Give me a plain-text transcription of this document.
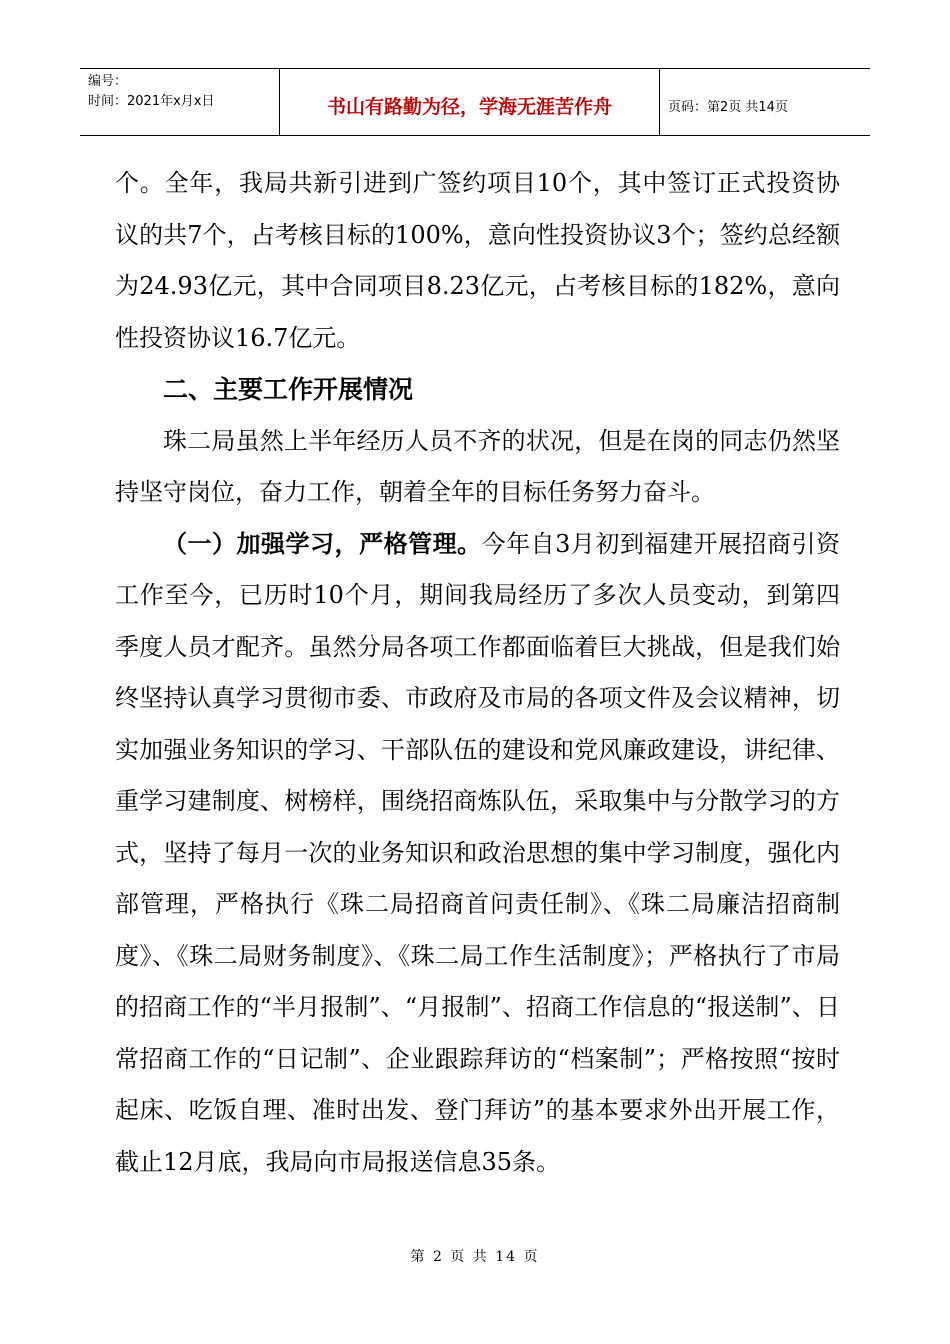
编号：
时间：2021年x月x日	书山有路勤为径，学海无涯苦作舟	页码：第2页 共14页

个。全年，我局共新引进到广签约项目10个，其中签订正式投资协议的共7个，占考核目标的100%，意向性投资协议3个；签约总经额为24.93亿元，其中合同项目8.23亿元，占考核目标的182%，意向性投资协议16.7亿元。

二、主要工作开展情况

珠二局虽然上半年经历人员不齐的状况，但是在岗的同志仍然坚持坚守岗位，奋力工作，朝着全年的目标任务努力奋斗。

（一）加强学习，严格管理。今年自3月初到福建开展招商引资工作至今，已历时10个月，期间我局经历了多次人员变动，到第四季度人员才配齐。虽然分局各项工作都面临着巨大挑战，但是我们始终坚持认真学习贯彻市委、市政府及市局的各项文件及会议精神，切实加强业务知识的学习、干部队伍的建设和党风廉政建设，讲纪律、重学习建制度、树榜样，围绕招商炼队伍，采取集中与分散学习的方式，坚持了每月一次的业务知识和政治思想的集中学习制度，强化内部管理，严格执行《珠二局招商首问责任制》、《珠二局廉洁招商制度》、《珠二局财务制度》、《珠二局工作生活制度》；严格执行了市局的招商工作的“半月报制”、“月报制”、招商工作信息的“报送制”、日常招商工作的“日记制”、企业跟踪拜访的“档案制”；严格按照“按时起床、吃饭自理、准时出发、登门拜访”的基本要求外出开展工作，截止12月底，我局向市局报送信息35条。

第 2 页 共 14 页
